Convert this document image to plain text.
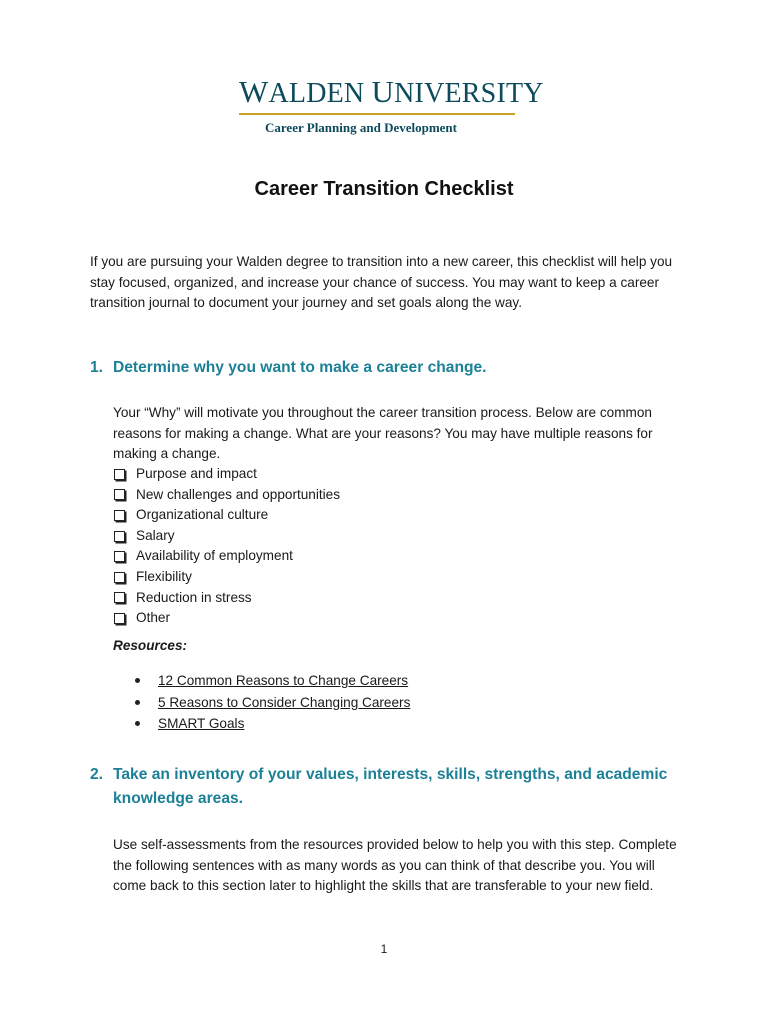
WALDEN UNIVERSITY
Career Planning and Development
Career Transition Checklist
If you are pursuing your Walden degree to transition into a new career, this checklist will help you stay focused, organized, and increase your chance of success. You may want to keep a career transition journal to document your journey and set goals along the way.
1. Determine why you want to make a career change.
Your “Why” will motivate you throughout the career transition process. Below are common reasons for making a change. What are your reasons? You may have multiple reasons for making a change.
Purpose and impact
New challenges and opportunities
Organizational culture
Salary
Availability of employment
Flexibility
Reduction in stress
Other
Resources:
12 Common Reasons to Change Careers
5 Reasons to Consider Changing Careers
SMART Goals
2. Take an inventory of your values, interests, skills, strengths, and academic knowledge areas.
Use self-assessments from the resources provided below to help you with this step. Complete the following sentences with as many words as you can think of that describe you. You will come back to this section later to highlight the skills that are transferable to your new field.
1
